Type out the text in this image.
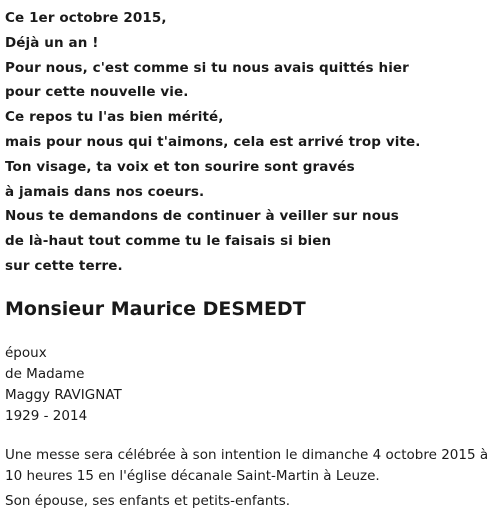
Ce 1er octobre 2015,
Déjà un an !
Pour nous, c'est comme si tu nous avais quittés hier
pour cette nouvelle vie.
Ce repos tu l'as bien mérité,
mais pour nous qui t'aimons, cela est arrivé trop vite.
Ton visage, ta voix et ton sourire sont gravés
à jamais dans nos coeurs.
Nous te demandons de continuer à veiller sur nous
de là-haut tout comme tu le faisais si bien
sur cette terre.
Monsieur Maurice DESMEDT
époux
de Madame
Maggy RAVIGNAT
1929 - 2014
Une messe sera célébrée à son intention le dimanche 4 octobre 2015 à
10 heures 15 en l'église décanale Saint-Martin à Leuze.
Son épouse, ses enfants et petits-enfants.
